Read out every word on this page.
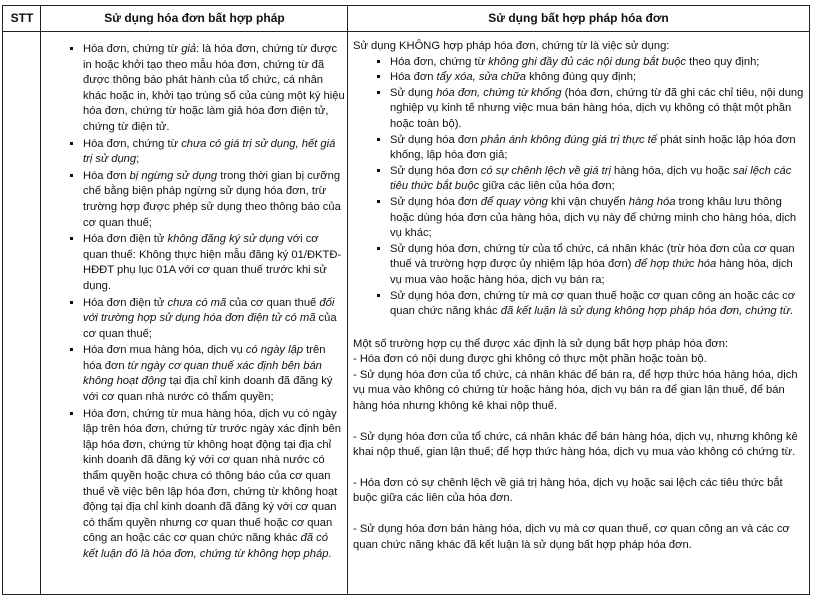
STT	Sử dụng hóa đơn bất hợp pháp	Sử dụng bất hợp pháp hóa đơn
▪ Hóa đơn, chứng từ giả: là hóa đơn, chứng từ được in hoặc khởi tạo theo mẫu hóa đơn, chứng từ đã được thông báo phát hành của tổ chức, cá nhân khác hoặc in, khởi tạo trùng số của cùng một ký hiệu hóa đơn, chứng từ hoặc làm giả hóa đơn điện tử, chứng từ điện tử.
▪ Hóa đơn, chứng từ chưa có giá trị sử dụng, hết giá trị sử dụng;
▪ Hóa đơn bị ngừng sử dụng trong thời gian bị cưỡng chế bằng biện pháp ngừng sử dụng hóa đơn, trừ trường hợp được phép sử dụng theo thông báo của cơ quan thuế;
▪ Hóa đơn điện tử không đăng ký sử dụng với cơ quan thuế: Không thực hiện mẫu đăng ký 01/ĐKTĐ-HĐĐT phụ lục 01A với cơ quan thuế trước khi sử dụng.
▪ Hóa đơn điện tử chưa có mã của cơ quan thuế đối với trường hợp sử dụng hóa đơn điện tử có mã của cơ quan thuế;
▪ Hóa đơn mua hàng hóa, dịch vụ có ngày lập trên hóa đơn từ ngày cơ quan thuế xác định bên bán không hoạt động tại địa chỉ kinh doanh đã đăng ký với cơ quan nhà nước có thẩm quyền;
▪ Hóa đơn, chứng từ mua hàng hóa, dịch vụ có ngày lập trên hóa đơn, chứng từ trước ngày xác định bên lập hóa đơn, chứng từ không hoạt động tại địa chỉ kinh doanh đã đăng ký với cơ quan nhà nước có thẩm quyền hoặc chưa có thông báo của cơ quan thuế về việc bên lập hóa đơn, chứng từ không hoạt động tại địa chỉ kinh doanh đã đăng ký với cơ quan có thẩm quyền nhưng cơ quan thuế hoặc cơ quan công an hoặc các cơ quan chức năng khác đã có kết luận đó là hóa đơn, chứng từ không hợp pháp.

Sử dụng KHÔNG hợp pháp hóa đơn, chứng từ là việc sử dụng:

▪ Hóa đơn, chứng từ không ghi đầy đủ các nội dung bắt buộc theo quy định;
▪ Hóa đơn tẩy xóa, sửa chữa không đúng quy định;
▪ Sử dụng hóa đơn, chứng từ khống (hóa đơn, chứng từ đã ghi các chỉ tiêu, nội dung nghiệp vụ kinh tế nhưng việc mua bán hàng hóa, dịch vụ không có thật một phần hoặc toàn bộ).
▪ Sử dụng hóa đơn phản ánh không đúng giá trị thực tế phát sinh hoặc lập hóa đơn khống, lập hóa đơn giả;
▪ Sử dụng hóa đơn có sự chênh lệch về giá trị hàng hóa, dịch vụ hoặc sai lệch các tiêu thức bắt buộc giữa các liên của hóa đơn;
▪ Sử dụng hóa đơn để quay vòng khi vận chuyển hàng hóa trong khâu lưu thông hoặc dùng hóa đơn của hàng hóa, dịch vụ này để chứng minh cho hàng hóa, dịch vụ khác;
▪ Sử dụng hóa đơn, chứng từ của tổ chức, cá nhân khác (trừ hóa đơn của cơ quan thuế và trường hợp được ủy nhiệm lập hóa đơn) để hợp thức hóa hàng hóa, dịch vụ mua vào hoặc hàng hóa, dịch vụ bán ra;
▪ Sử dụng hóa đơn, chứng từ mà cơ quan thuế hoặc cơ quan công an hoặc các cơ quan chức năng khác đã kết luận là sử dụng không hợp pháp hóa đơn, chứng từ.

Một số trường hợp cụ thể được xác định là sử dụng bất hợp pháp hóa đơn:

- Hóa đơn có nội dung được ghi không có thực một phần hoặc toàn bộ.

- Sử dụng hóa đơn của tổ chức, cá nhân khác để bán ra, để hợp thức hóa hàng hóa, dịch vụ mua vào không có chứng từ hoặc hàng hóa, dịch vụ bán ra để gian lận thuế, để bán hàng hóa nhưng không kê khai nộp thuế.

- Sử dụng hóa đơn của tổ chức, cá nhân khác để bán hàng hóa, dịch vụ, nhưng không kê khai nộp thuế, gian lận thuế; để hợp thức hàng hóa, dịch vụ mua vào không có chứng từ.

- Hóa đơn có sự chênh lệch về giá trị hàng hóa, dịch vụ hoặc sai lệch các tiêu thức bắt buộc giữa các liên của hóa đơn.

- Sử dụng hóa đơn bán hàng hóa, dịch vụ mà cơ quan thuế, cơ quan công an và các cơ quan chức năng khác đã kết luận là sử dụng bất hợp pháp hóa đơn.
